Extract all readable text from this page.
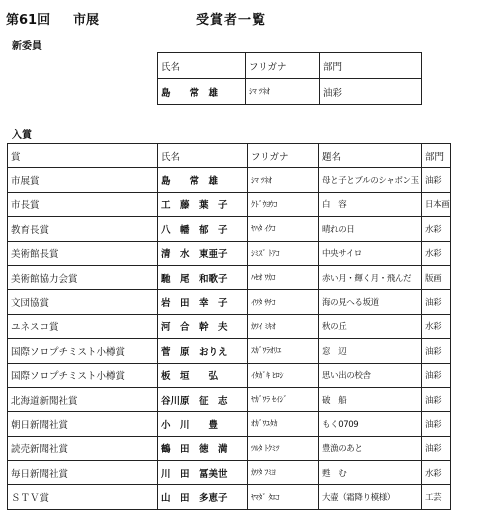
第61回 市展	受賞者一覧
新委員
氏名	フリガナ	部門
島　　常　雄	ｼﾏ ﾂﾈｵ	油彩
入賞
賞	氏名	フリガナ	題名	部門
市展賞	島　　常　雄	ｼﾏ ﾂﾈｵ	母と子とブルのシャボン玉	油彩
市長賞	工　藤　葉　子	ｸﾄﾞｳﾖｳｺ	白　容	日本画
教育長賞	八　幡　郁　子	ﾔﾊﾀ ｲｸｺ	晴れの日	水彩
美術館長賞	清　水　東亜子	ｼﾐｽﾞ ﾄｱｺ	中央サイロ	水彩
美術館協力会賞	馳　尾　和歌子	ﾊｾｵ ﾜｶｺ	赤い月・輝く月・飛んだ	版画
文団協賞	岩　田　幸　子	ｲﾜﾀ ｻﾁｺ	海の見へる坂道	油彩
ユネスコ賞	河　合　幹　夫	ｶﾜｲ ﾐｷｵ	秋の丘	水彩
国際ソロプチミスト小樽賞	菅　原　おりえ	ｽｶﾞﾜﾗｵﾘｴ	窓　辺	油彩
国際ソロプチミスト小樽賞	板　垣　　弘	ｲﾀｶﾞｷ ﾋﾛｼ	思い出の校舎	油彩
北海道新聞社賞	谷川原　征　志	ﾔｶﾞﾜﾗ ｾｲｼﾞ	破　船	油彩
朝日新聞社賞	小　川　　豊	ｵｶﾞﾜﾕﾀｶ	もく0709	油彩
読売新聞社賞	鶴　田　徳　満	ﾂﾙﾀ ﾄｸﾐﾂ	豊漁のあと	油彩
毎日新聞社賞	川　田　冨美世	ｶﾜﾀ ﾌﾐﾖ	甦　む	水彩
ＳＴＶ賞	山　田　多恵子	ﾔﾏﾀﾞ ﾀｴｺ	大壷（霜降り模様）	工芸
